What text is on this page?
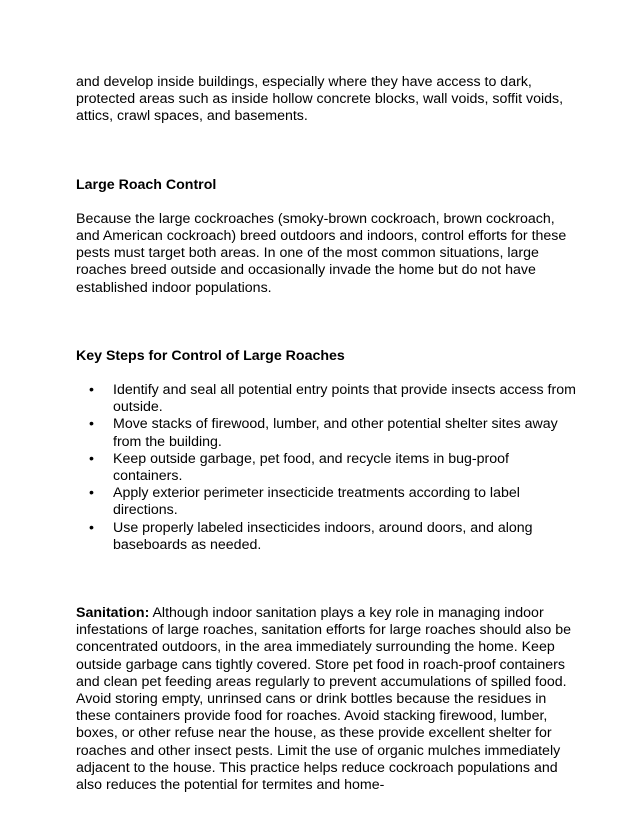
and develop inside buildings, especially where they have access to dark, protected areas such as inside hollow concrete blocks, wall voids, soffit voids, attics, crawl spaces, and basements.

Large Roach Control

Because the large cockroaches (smoky-brown cockroach, brown cockroach, and American cockroach) breed outdoors and indoors, control efforts for these pests must target both areas. In one of the most common situations, large roaches breed outside and occasionally invade the home but do not have established indoor populations.

Key Steps for Control of Large Roaches
• Identify and seal all potential entry points that provide insects access from outside.
• Move stacks of firewood, lumber, and other potential shelter sites away from the building.
• Keep outside garbage, pet food, and recycle items in bug-proof containers.
• Apply exterior perimeter insecticide treatments according to label directions.
• Use properly labeled insecticides indoors, around doors, and along baseboards as needed.

Sanitation: Although indoor sanitation plays a key role in managing indoor infestations of large roaches, sanitation efforts for large roaches should also be concentrated outdoors, in the area immediately surrounding the home. Keep outside garbage cans tightly covered. Store pet food in roach-proof containers and clean pet feeding areas regularly to prevent accumulations of spilled food. Avoid storing empty, unrinsed cans or drink bottles because the residues in these containers provide food for roaches. Avoid stacking firewood, lumber, boxes, or other refuse near the house, as these provide excellent shelter for roaches and other insect pests. Limit the use of organic mulches immediately adjacent to the house. This practice helps reduce cockroach populations and also reduces the potential for termites and home-
